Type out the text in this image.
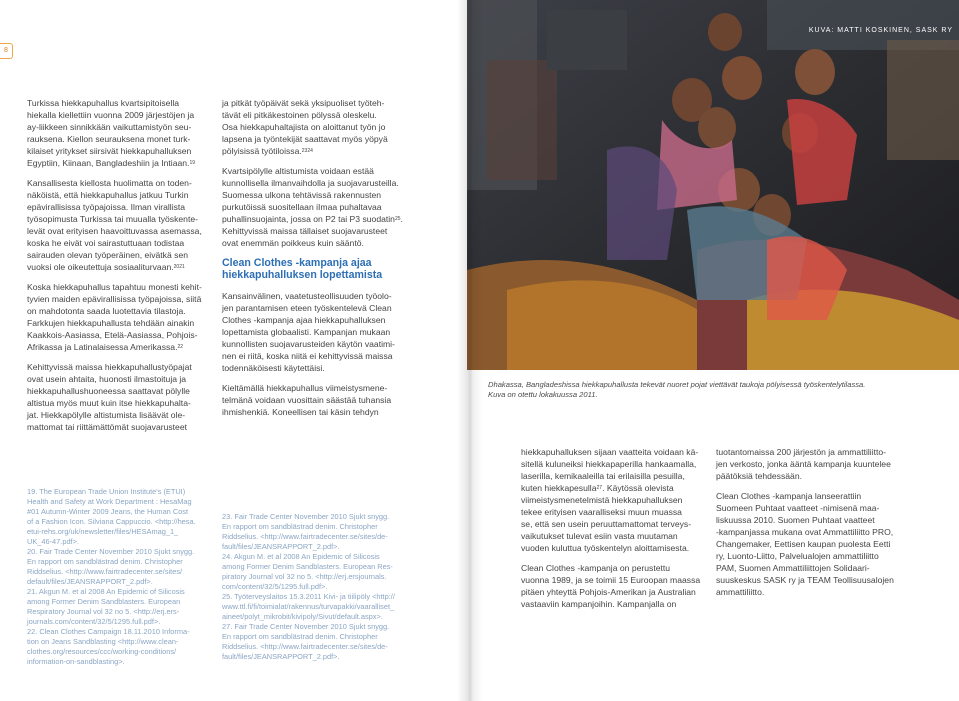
8

Turkissa hiekkapuhallus kvartsipitoisella
hiekalla kiellettiin vuonna 2009 järjestöjen ja
ay-liikkeen sinnikkään vaikuttamistyön seu-
rauksena. Kiellon seurauksena monet turk-
kilaiset yritykset siirsivät hiekkapuhalluksen
Egyptiin, Kiinaan, Bangladeshiin ja Intiaan.$^{19}$

Kansallisesta kiellosta huolimatta on toden-
näköistä, että hiekkapuhallus jatkuu Turkin
epävirallisissa työpajoissa. Ilman virallista
työsopimusta Turkissa tai muualla työskente-
levät ovat erityisen haavoittuvassa asemassa,
koska he eivät voi sairastuttuaan todistaa
sairauden olevan työperäinen, eivätkä sen
vuoksi ole oikeutettuja sosiaaliturvaan.$^{2021}$

Koska hiekkapuhallus tapahtuu monesti kehit-
tyvien maiden epävirallisissa työpajoissa, siitä
on mahdotonta saada luotettavia tilastoja.
Farkkujen hiekkapuhallusta tehdään ainakin
Kaakkois-Aasiassa, Etelä-Aasiassa, Pohjois-
Afrikassa ja Latinalaisessa Amerikassa.$^{22}$

Kehittyvissä maissa hiekkapuhallustyöpajat
ovat usein ahtaita, huonosti ilmastoituja ja
hiekkapuhallushuoneessa saattavat pölylle
altistua myös muut kuin itse hiekkapuhalta-
jat. Hiekkapölylle altistumista lisäävät ole-
mattomat tai riittämättömät suojavarusteet

ja pitkät työpäivät sekä yksipuoliset työteh-
tävät eli pitkäkestoinen pölyssä oleskelu.
Osa hiekkapuhaltajista on aloittanut työn jo
lapsena ja työntekijät saattavat myös yöpyä
pölyisissä työtiloissa.$^{2324}$

Kvartsipölylle altistumista voidaan estää
kunnollisella ilmanvaihdolla ja suojavarusteilla.
Suomessa ulkona tehtävissä rakennusten
purkutöissä suositellaan iImaa puhaltavaa
puhallinsuojainta, jossa on P2 tai P3 suodatin$^{25}$.
Kehittyvissä maissa tällaiset suojavarusteet
ovat enemmän poikkeus kuin sääntö.

Clean Clothes -kampanja ajaa
hiekkapuhalluksen lopettamista

Kansainvälinen, vaatetusteollisuuden työolo-
jen parantamisen eteen työskentelevä Clean
Clothes -kampanja ajaa hiekkapuhalluksen
lopettamista globaalisti. Kampanjan mukaan
kunnollisten suojavarusteiden käytön vaatimi-
nen ei riitä, koska niitä ei kehittyvissä maissa
todennäköisesti käytettäisi.

Kieltämällä hiekkapuhallus viimeistysmene-
telmänä voidaan vuosittain säästää tuhansia
ihmishenkiä. Koneellisen tai käsin tehdyn

19. The European Trade Union Institute's (ETUI)
Health and Safety at Work Department : HesaMag
#01 Autumn-Winter 2009 Jeans, the Human Cost
of a Fashion Icon. Silviana Cappuccio. <http://hesa.
etui-rehs.org/uk/newsletter/files/HESAmag_1_
UK_46-47.pdf>.
20. Fair Trade Center November 2010 Sjukt snygg.
En rapport om sandblästrad denim. Christopher
Riddselius. <http://www.fairtradecenter.se/sites/
default/files/JEANSRAPPORT_2.pdf>.
21. Akgun M. et al 2008 An Epidemic of Silicosis
among Former Denim Sandblasters. European
Respiratory Journal vol 32 no 5. <http://erj.ers-
journals.com/content/32/5/1295.full.pdf>.
22. Clean Clothes Campaign 18.11.2010 Informa-
tion on Jeans Sandblasting <http://www.clean-
clothes.org/resources/ccc/working-conditions/
information-on-sandblasting>.

23. Fair Trade Center November 2010 Sjukt snygg.
En rapport om sandblästrad denim. Christopher
Riddselius. <http://www.fairtradecenter.se/sites/de-
fault/files/JEANSRAPPORT_2.pdf>.
24. Akgun M. et al 2008 An Epidemic of Silicosis
among Former Denim Sandblasters. European Res-
piratory Journal vol 32 no 5. <http://erj.ersjournals.
com/content/32/5/1295.full.pdf>.
25. Työterveyslaitos 15.3.2011 Kivi- ja tiilipöly <http://
www.ttl.fi/fi/toimialat/rakennus/turvapakki/vaaralliset_
aineet/polyt_mikrobit/kivipoly/Sivut/default.aspx>.
27. Fair Trade Center November 2010 Sjukt snygg.
En rapport om sandblästrad denim. Christopher
Riddselius. <http://www.fairtradecenter.se/sites/de-
fault/files/JEANSRAPPORT_2.pdf>.

KUVA: MATTI KOSKINEN, SASK RY

Dhakassa, Bangladeshissa hiekkapuhallusta tekevät nuoret pojat viettävät taukoja pölyisessä työskentelytilassa.
Kuva on otettu lokakuussa 2011.

hiekkapuhalluksen sijaan vaatteita voidaan kä-
sitellä kuluneiksi hiekkapaperilla hankaamalla,
laserilla, kemikaaleilla tai erilaisilla pesuilla,
kuten hiekkapesulla$^{27}$. Käytössä olevista
viimeistysmenetelmistä hiekkapuhalluksen
tekee erityisen vaaralliseksi muun muassa
se, että sen usein peruuttamattomat terveys-
vaikutukset tulevat esiin vasta muutaman
vuoden kuluttua työskentelyn aloittamisesta.

Clean Clothes -kampanja on perustettu
vuonna 1989, ja se toimii 15 Euroopan maassa
pitäen yhteyttä Pohjois-Amerikan ja Australian
vastaaviin kampanjoihin. Kampanjalla on

tuotantomaissa 200 järjestön ja ammattiliitto-
jen verkosto, jonka ääntä kampanja kuuntelee
päätöksiä tehdessään.

Clean Clothes -kampanja lanseerattiin
Suomeen Puhtaat vaatteet -nimisenä maa-
liskuussa 2010. Suomen Puhtaat vaatteet
-kampanjassa mukana ovat Ammattiliitto PRO,
Changemaker, Eettisen kaupan puolesta Eetti
ry, Luonto-Liitto, Palvelualojen ammattiliitto
PAM, Suomen Ammattiliittojen Solidaari-
suuskeskus SASK ry ja TEAM Teollisuusalojen
ammattiliitto.
